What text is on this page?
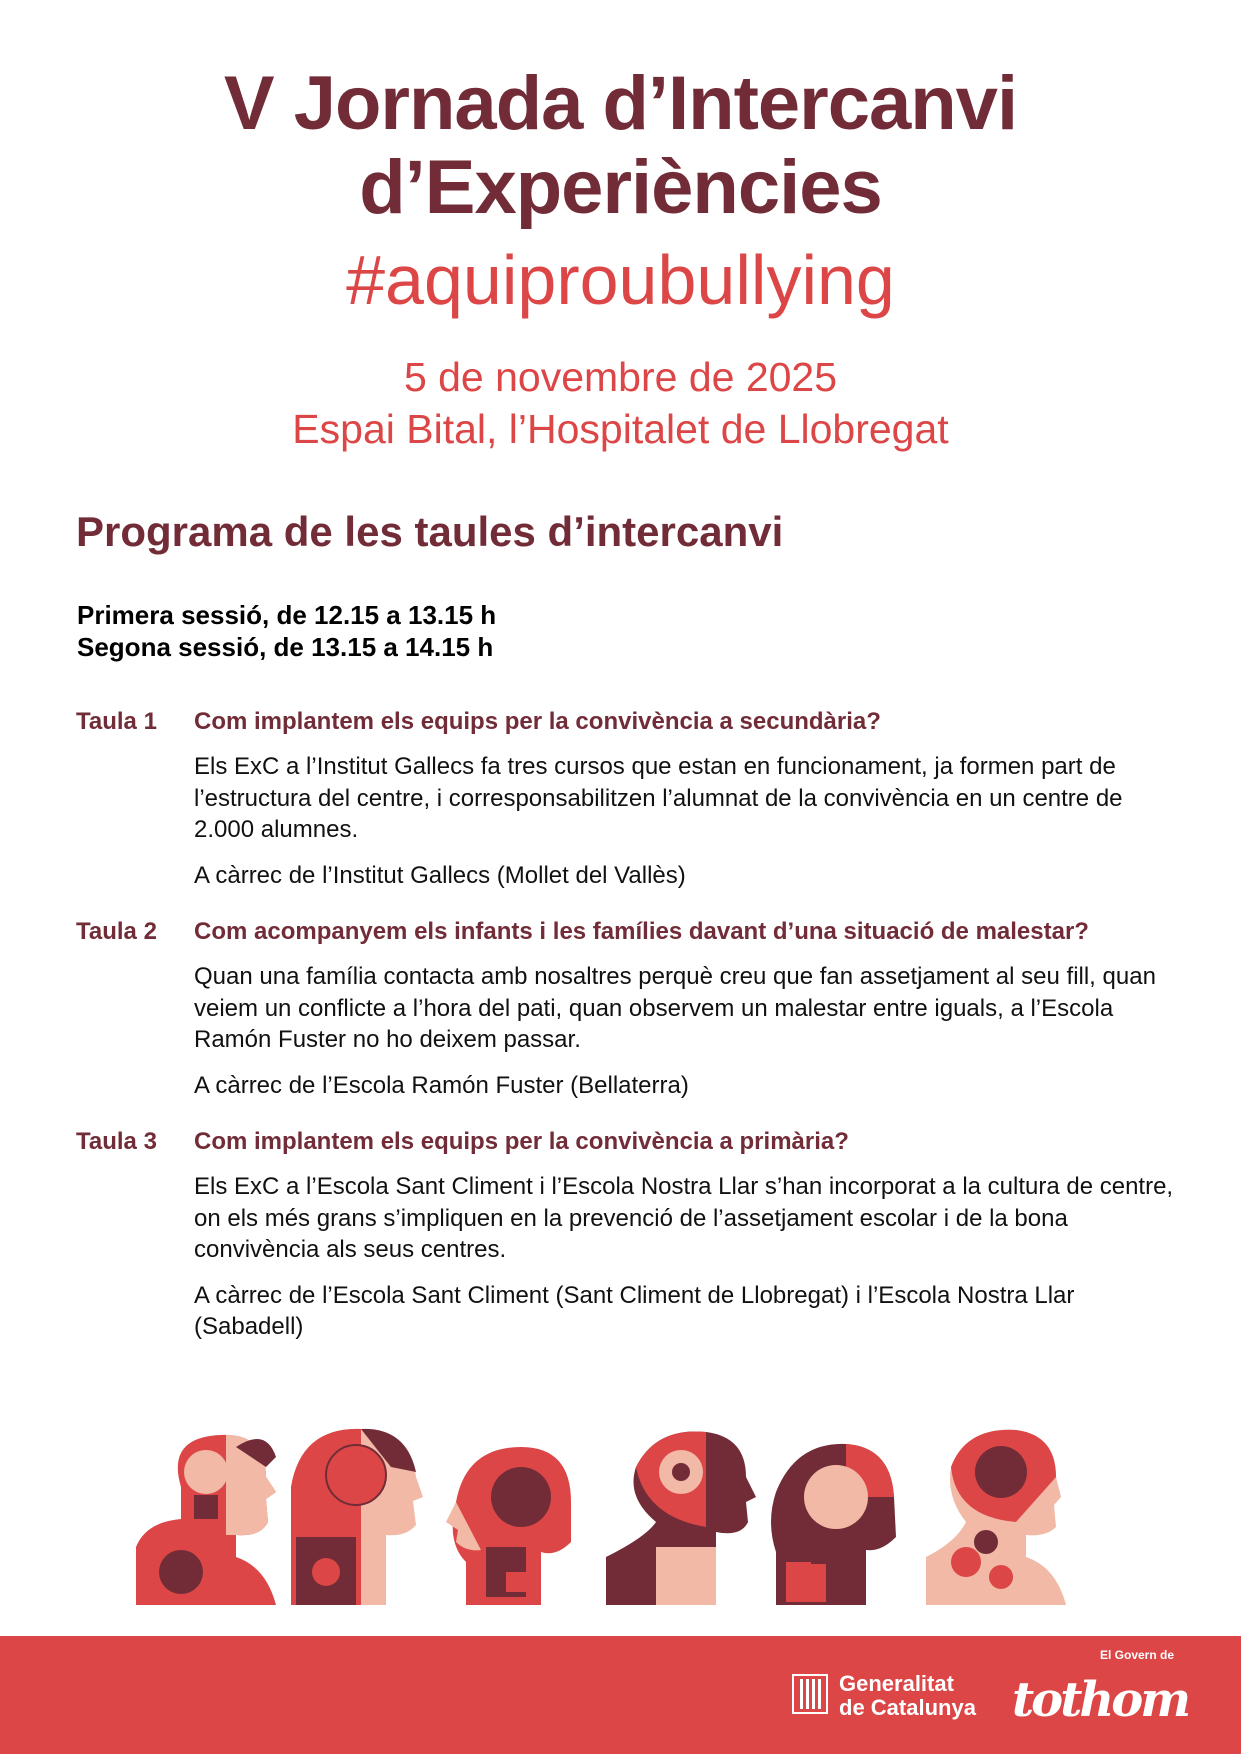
V Jornada d’Intercanvi
d’Experiències
#aquiproubullying
5 de novembre de 2025
Espai Bital, l’Hospitalet de Llobregat
Programa de les taules d’intercanvi
Primera sessió, de 12.15 a 13.15 h
Segona sessió, de 13.15 a 14.15 h
Taula 1 Com implantem els equips per la convivència a secundària?
Els ExC a l’Institut Gallecs fa tres cursos que estan en funcionament, ja formen part de l’estructura del centre, i corresponsabilitzen l’alumnat de la convivència en un centre de 2.000 alumnes.
A càrrec de l’Institut Gallecs (Mollet del Vallès)
Taula 2 Com acompanyem els infants i les famílies davant d’una situació de malestar?
Quan una família contacta amb nosaltres perquè creu que fan assetjament al seu fill, quan veiem un conflicte a l’hora del pati, quan observem un malestar entre iguals, a l’Escola Ramón Fuster no ho deixem passar.
A càrrec de l’Escola Ramón Fuster (Bellaterra)
Taula 3 Com implantem els equips per la convivència a primària?
Els ExC a l’Escola Sant Climent i l’Escola Nostra Llar s’han incorporat a la cultura de centre, on els més grans s’impliquen en la prevenció de l’assetjament escolar i de la bona convivència als seus centres.
A càrrec de l’Escola Sant Climent (Sant Climent de Llobregat) i l’Escola Nostra Llar (Sabadell)
Generalitat
de Catalunya
El Govern de
tothom
